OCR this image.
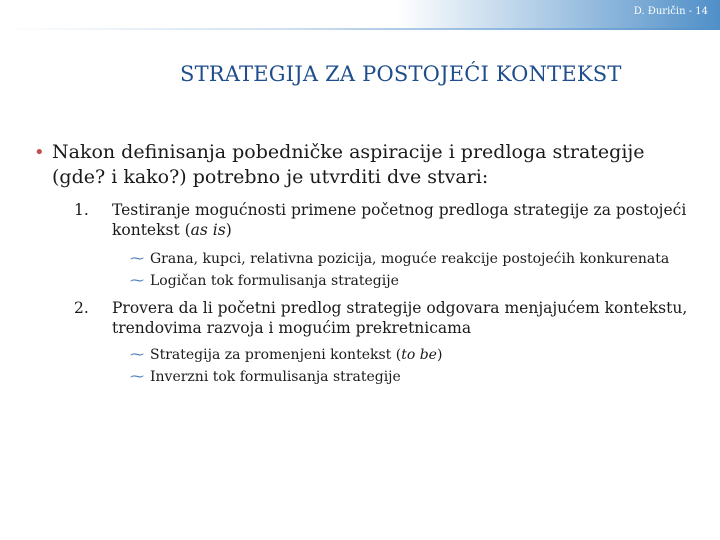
D. Đuričin - 14
STRATEGIJA ZA POSTOJEĆI KONTEKST
• Nakon definisanja pobedničke aspiracije i predloga strategije (gde? i kako?) potrebno je utvrditi dve stvari:
1.	Testiranje mogućnosti primene početnog predloga strategije za postojeći kontekst (as is)
⁓ Grana, kupci, relativna pozicija, moguće reakcije postojećih konkurenata
⁓ Logičan tok formulisanja strategije
2.	Provera da li početni predlog strategije odgovara menjajućem kontekstu, trendovima razvoja i mogućim prekretnicama
⁓ Strategija za promenjeni kontekst (to be)
⁓ Inverzni tok formulisanja strategije
